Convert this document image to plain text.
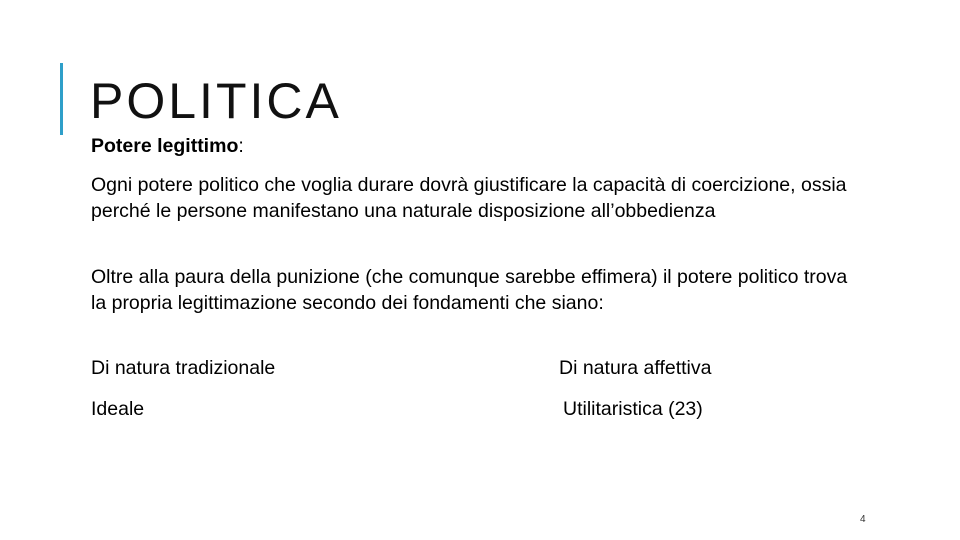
POLITICA
Potere legittimo:
Ogni potere politico che voglia durare dovrà giustificare la capacità di coercizione, ossia perché le persone manifestano una naturale disposizione all’obbedienza
Oltre alla paura della punizione (che comunque sarebbe effimera) il potere politico trova la propria legittimazione secondo dei fondamenti che siano:
Di natura tradizionale	Di natura affettiva
Ideale	Utilitaristica (23)
4
